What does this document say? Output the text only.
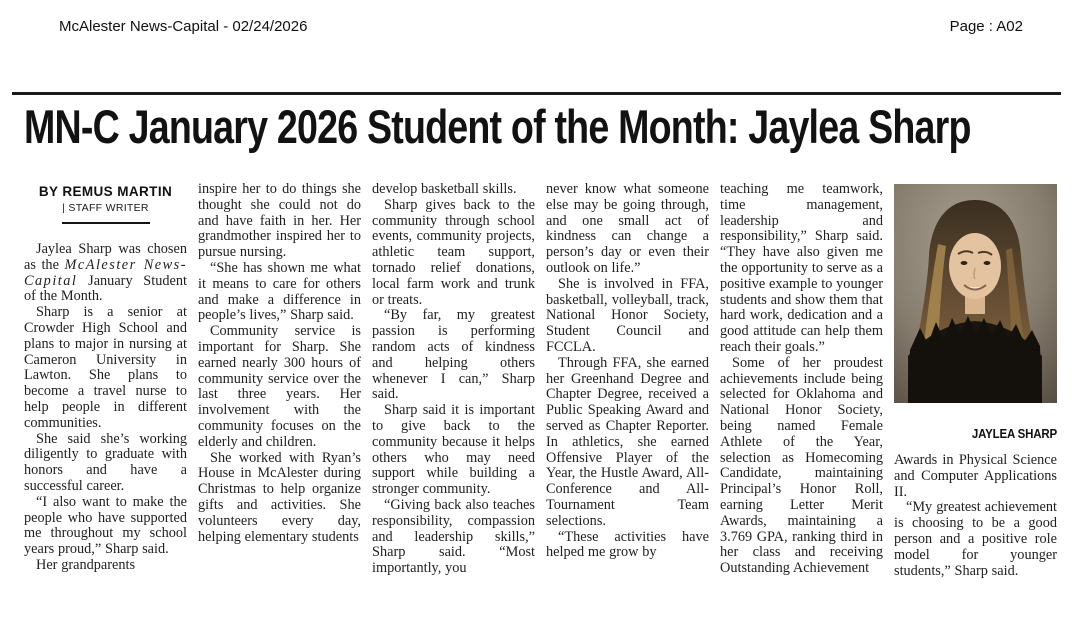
McAlester News-Capital - 02/24/2026	Page : A02
MN-C January 2026 Student of the Month: Jaylea Sharp
BY REMUS MARTIN
| STAFF WRITER

Jaylea Sharp was chosen as the McAlester News-Capital January Student of the Month.

Sharp is a senior at Crowder High School and plans to major in nursing at Cameron University in Lawton. She plans to become a travel nurse to help people in different communities.

She said she’s working diligently to graduate with honors and have a successful career.

“I also want to make the people who have supported me throughout my school years proud,” Sharp said.

Her grandparents

inspire her to do things she thought she could not do and have faith in her. Her grandmother inspired her to pursue nursing.

“She has shown me what it means to care for others and make a difference in people’s lives,” Sharp said.

Community service is important for Sharp. She earned nearly 300 hours of community service over the last three years. Her involvement with the community focuses on the elderly and children.

She worked with Ryan’s House in McAlester during Christmas to help organize gifts and activities. She volunteers every day, helping elementary students

develop basketball skills.

Sharp gives back to the community through school events, community projects, athletic team support, tornado relief donations, local farm work and trunk or treats.

“By far, my greatest passion is performing random acts of kindness and helping others whenever I can,” Sharp said.

Sharp said it is important to give back to the community because it helps others who may need support while building a stronger community.

“Giving back also teaches responsibility, compassion and leadership skills,” Sharp said. “Most importantly, you

never know what someone else may be going through, and one small act of kindness can change a person’s day or even their outlook on life.”

She is involved in FFA, basketball, volleyball, track, National Honor Society, Student Council and FCCLA.

Through FFA, she earned her Greenhand Degree and Chapter Degree, received a Public Speaking Award and served as Chapter Reporter. In athletics, she earned Offensive Player of the Year, the Hustle Award, All-Conference and All-Tournament Team selections.

“These activities have helped me grow by

teaching me teamwork, time management, leadership and responsibility,” Sharp said. “They have also given me the opportunity to serve as a positive example to younger students and show them that hard work, dedication and a good attitude can help them reach their goals.”

Some of her proudest achievements include being selected for Oklahoma and National Honor Society, being named Female Athlete of the Year, selection as Homecoming Candidate, maintaining Principal’s Honor Roll, earning Letter Merit Awards, maintaining a 3.769 GPA, ranking third in her class and receiving Outstanding Achievement

JAYLEA SHARP

Awards in Physical Science and Computer Applications II.

“My greatest achievement is choosing to be a good person and a positive role model for younger students,” Sharp said.
